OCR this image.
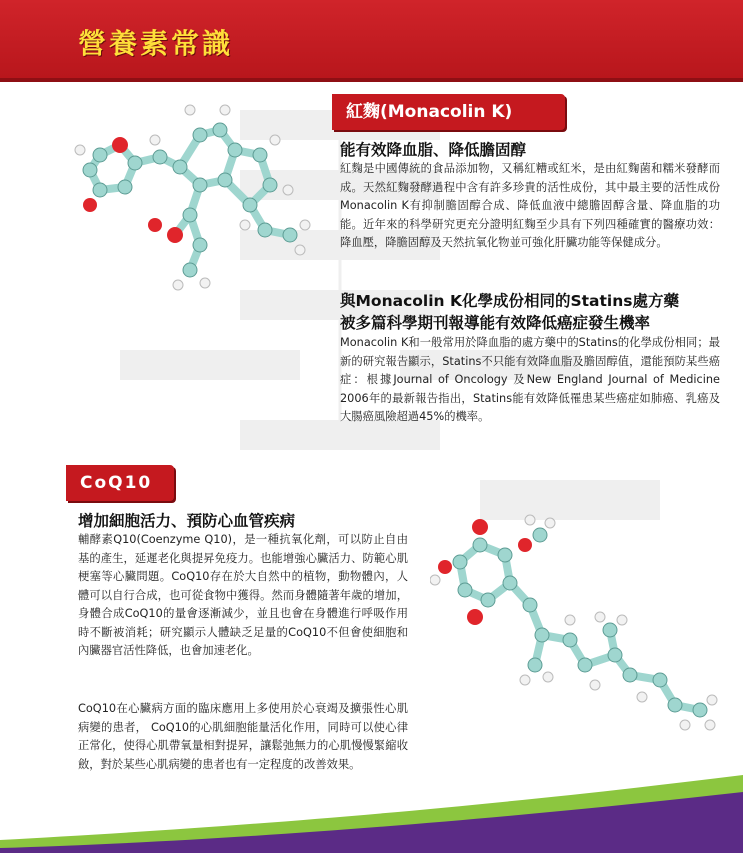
營養素常識
紅麴(Monacolin K)
能有效降血脂、降低膽固醇
紅麴是中國傳統的食品添加物，又稱紅糟或紅米，是由紅麴菌和糯米發酵而成。天然紅麴發酵過程中含有許多珍貴的活性成份，其中最主要的活性成份Monacolin K有抑制膽固醇合成、降低血液中總膽固醇含量、降血脂的功能。近年來的科學研究更充分證明紅麴至少具有下列四種確實的醫療功效：降血壓，降膽固醇及天然抗氧化物並可強化肝臟功能等保健成分。
與Monacolin K化學成份相同的Statins處方藥
被多篇科學期刊報導能有效降低癌症發生機率
Monacolin K和一般常用於降血脂的處方藥中的Statins的化學成份相同；最新的研究報告顯示，Statins不只能有效降血脂及膽固醇值，還能預防某些癌症：根據Journal of Oncology 及New England Journal of Medicine 2006年的最新報告指出，Statins能有效降低罹患某些癌症如肺癌、乳癌及大腸癌風險超過45%的機率。
CoQ10
增加細胞活力、預防心血管疾病
輔酵素Q10(Coenzyme Q10)，是一種抗氧化劑，可以防止自由基的產生，延遲老化與提昇免疫力。也能增強心臟活力、防範心肌梗塞等心臟問題。CoQ10存在於大自然中的植物，動物體內，人體可以自行合成，也可從食物中獲得。然而身體隨著年歲的增加，身體合成CoQ10的量會逐漸減少，並且也會在身體進行呼吸作用時不斷被消耗；研究顯示人體缺乏足量的CoQ10不但會使細胞和內臟器官活性降低，也會加速老化。
CoQ10在心臟病方面的臨床應用上多使用於心衰竭及擴張性心肌病變的患者， CoQ10的心肌細胞能量活化作用，同時可以使心律正常化，使得心肌帶氧量相對提昇，讓鬆弛無力的心肌慢慢緊縮收斂，對於某些心肌病變的患者也有一定程度的改善效果。
